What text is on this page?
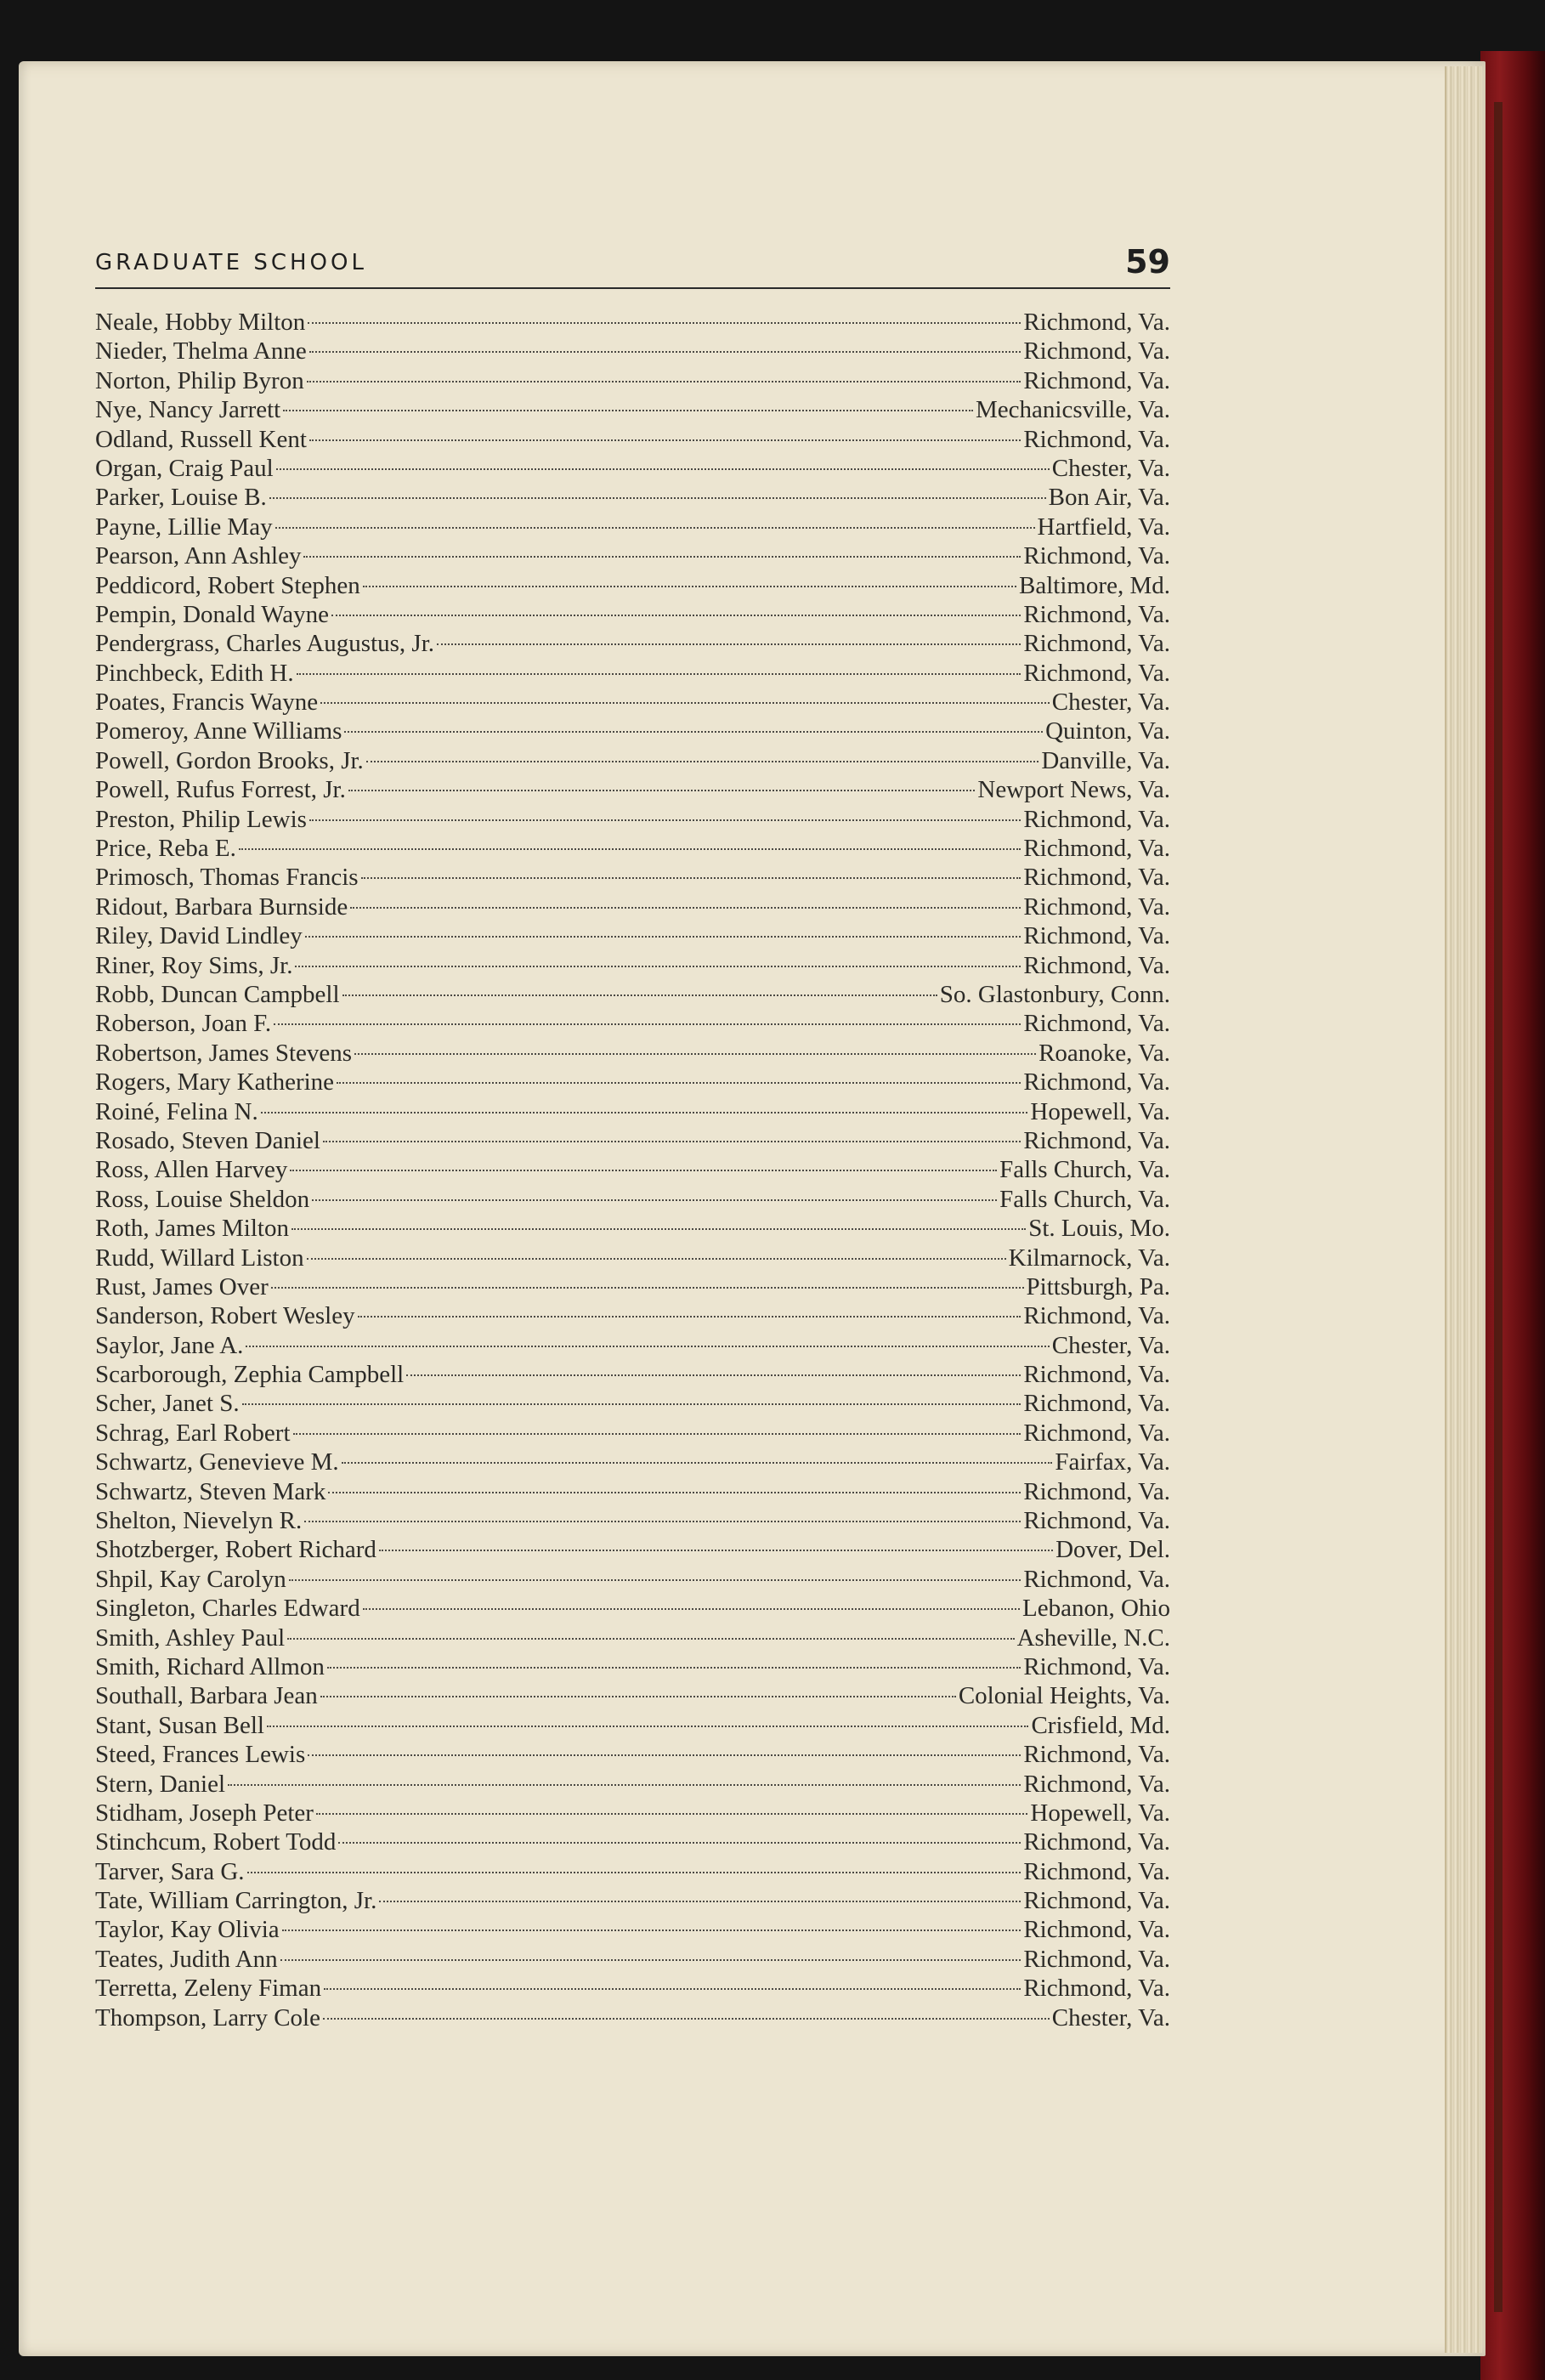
GRADUATE SCHOOL	59
Neale, Hobby Milton	Richmond, Va.
Nieder, Thelma Anne	Richmond, Va.
Norton, Philip Byron	Richmond, Va.
Nye, Nancy Jarrett	Mechanicsville, Va.
Odland, Russell Kent	Richmond, Va.
Organ, Craig Paul	Chester, Va.
Parker, Louise B.	Bon Air, Va.
Payne, Lillie May	Hartfield, Va.
Pearson, Ann Ashley	Richmond, Va.
Peddicord, Robert Stephen	Baltimore, Md.
Pempin, Donald Wayne	Richmond, Va.
Pendergrass, Charles Augustus, Jr.	Richmond, Va.
Pinchbeck, Edith H.	Richmond, Va.
Poates, Francis Wayne	Chester, Va.
Pomeroy, Anne Williams	Quinton, Va.
Powell, Gordon Brooks, Jr.	Danville, Va.
Powell, Rufus Forrest, Jr.	Newport News, Va.
Preston, Philip Lewis	Richmond, Va.
Price, Reba E.	Richmond, Va.
Primosch, Thomas Francis	Richmond, Va.
Ridout, Barbara Burnside	Richmond, Va.
Riley, David Lindley	Richmond, Va.
Riner, Roy Sims, Jr.	Richmond, Va.
Robb, Duncan Campbell	So. Glastonbury, Conn.
Roberson, Joan F.	Richmond, Va.
Robertson, James Stevens	Roanoke, Va.
Rogers, Mary Katherine	Richmond, Va.
Roiné, Felina N.	Hopewell, Va.
Rosado, Steven Daniel	Richmond, Va.
Ross, Allen Harvey	Falls Church, Va.
Ross, Louise Sheldon	Falls Church, Va.
Roth, James Milton	St. Louis, Mo.
Rudd, Willard Liston	Kilmarnock, Va.
Rust, James Over	Pittsburgh, Pa.
Sanderson, Robert Wesley	Richmond, Va.
Saylor, Jane A.	Chester, Va.
Scarborough, Zephia Campbell	Richmond, Va.
Scher, Janet S.	Richmond, Va.
Schrag, Earl Robert	Richmond, Va.
Schwartz, Genevieve M.	Fairfax, Va.
Schwartz, Steven Mark	Richmond, Va.
Shelton, Nievelyn R.	Richmond, Va.
Shotzberger, Robert Richard	Dover, Del.
Shpil, Kay Carolyn	Richmond, Va.
Singleton, Charles Edward	Lebanon, Ohio
Smith, Ashley Paul	Asheville, N.C.
Smith, Richard Allmon	Richmond, Va.
Southall, Barbara Jean	Colonial Heights, Va.
Stant, Susan Bell	Crisfield, Md.
Steed, Frances Lewis	Richmond, Va.
Stern, Daniel	Richmond, Va.
Stidham, Joseph Peter	Hopewell, Va.
Stinchcum, Robert Todd	Richmond, Va.
Tarver, Sara G.	Richmond, Va.
Tate, William Carrington, Jr.	Richmond, Va.
Taylor, Kay Olivia	Richmond, Va.
Teates, Judith Ann	Richmond, Va.
Terretta, Zeleny Fiman	Richmond, Va.
Thompson, Larry Cole	Chester, Va.
